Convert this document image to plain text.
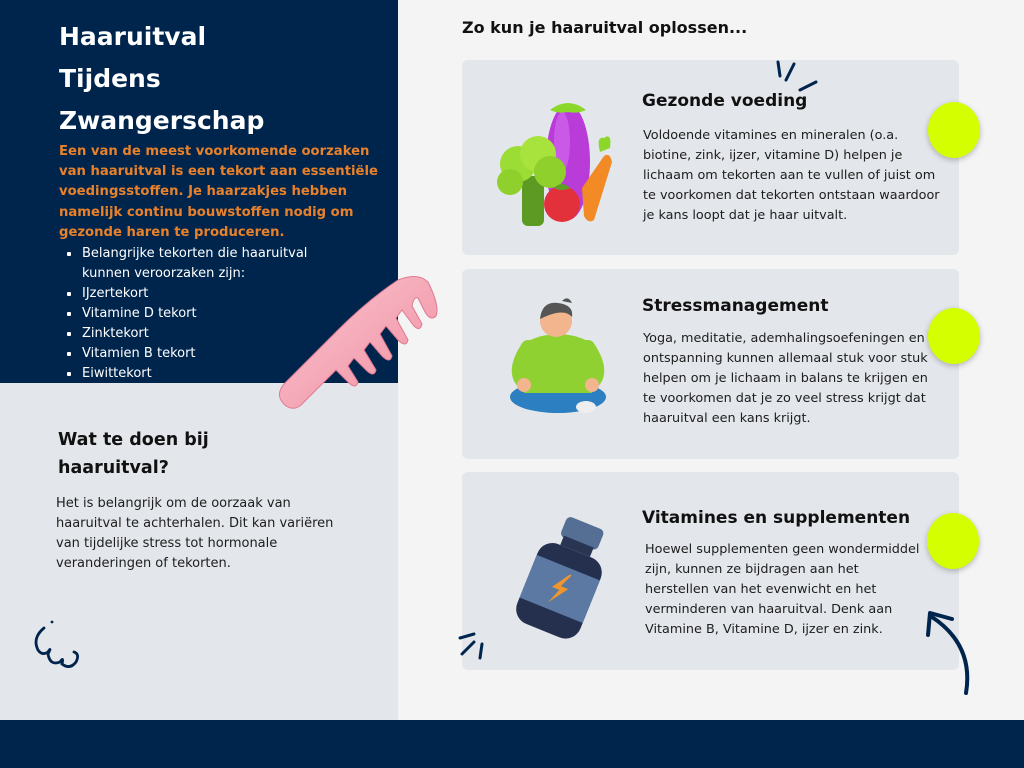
Haaruitval
Tijdens
Zwangerschap

Een van de meest voorkomende oorzaken van haaruitval is een tekort aan essentiële voedingsstoffen. Je haarzakjes hebben namelijk continu bouwstoffen nodig om gezonde haren te produceren.

Belangrijke tekorten die haaruitval kunnen veroorzaken zijn:
IJzertekort
Vitamine D tekort
Zinktekort
Vitamien B tekort
Eiwittekort
Wat te doen bij haaruitval?

Het is belangrijk om de oorzaak van haaruitval te achterhalen. Dit kan variëren van tijdelijke stress tot hormonale veranderingen of tekorten.

Zo kun je haaruitval oplossen...
Gezonde voeding
Voldoende vitamines en mineralen (o.a. biotine, zink, ijzer, vitamine D) helpen je lichaam om tekorten aan te vullen of juist om te voorkomen dat tekorten ontstaan waardoor je kans loopt dat je haar uitvalt.
Stressmanagement
Yoga, meditatie, ademhalingsoefeningen en ontspanning kunnen allemaal stuk voor stuk helpen om je lichaam in balans te krijgen en te voorkomen dat je zo veel stress krijgt dat haaruitval een kans krijgt.
Vitamines en supplementen
Hoewel supplementen geen wondermiddel zijn, kunnen ze bijdragen aan het herstellen van het evenwicht en het verminderen van haaruitval. Denk aan Vitamine B, Vitamine D, ijzer en zink.
